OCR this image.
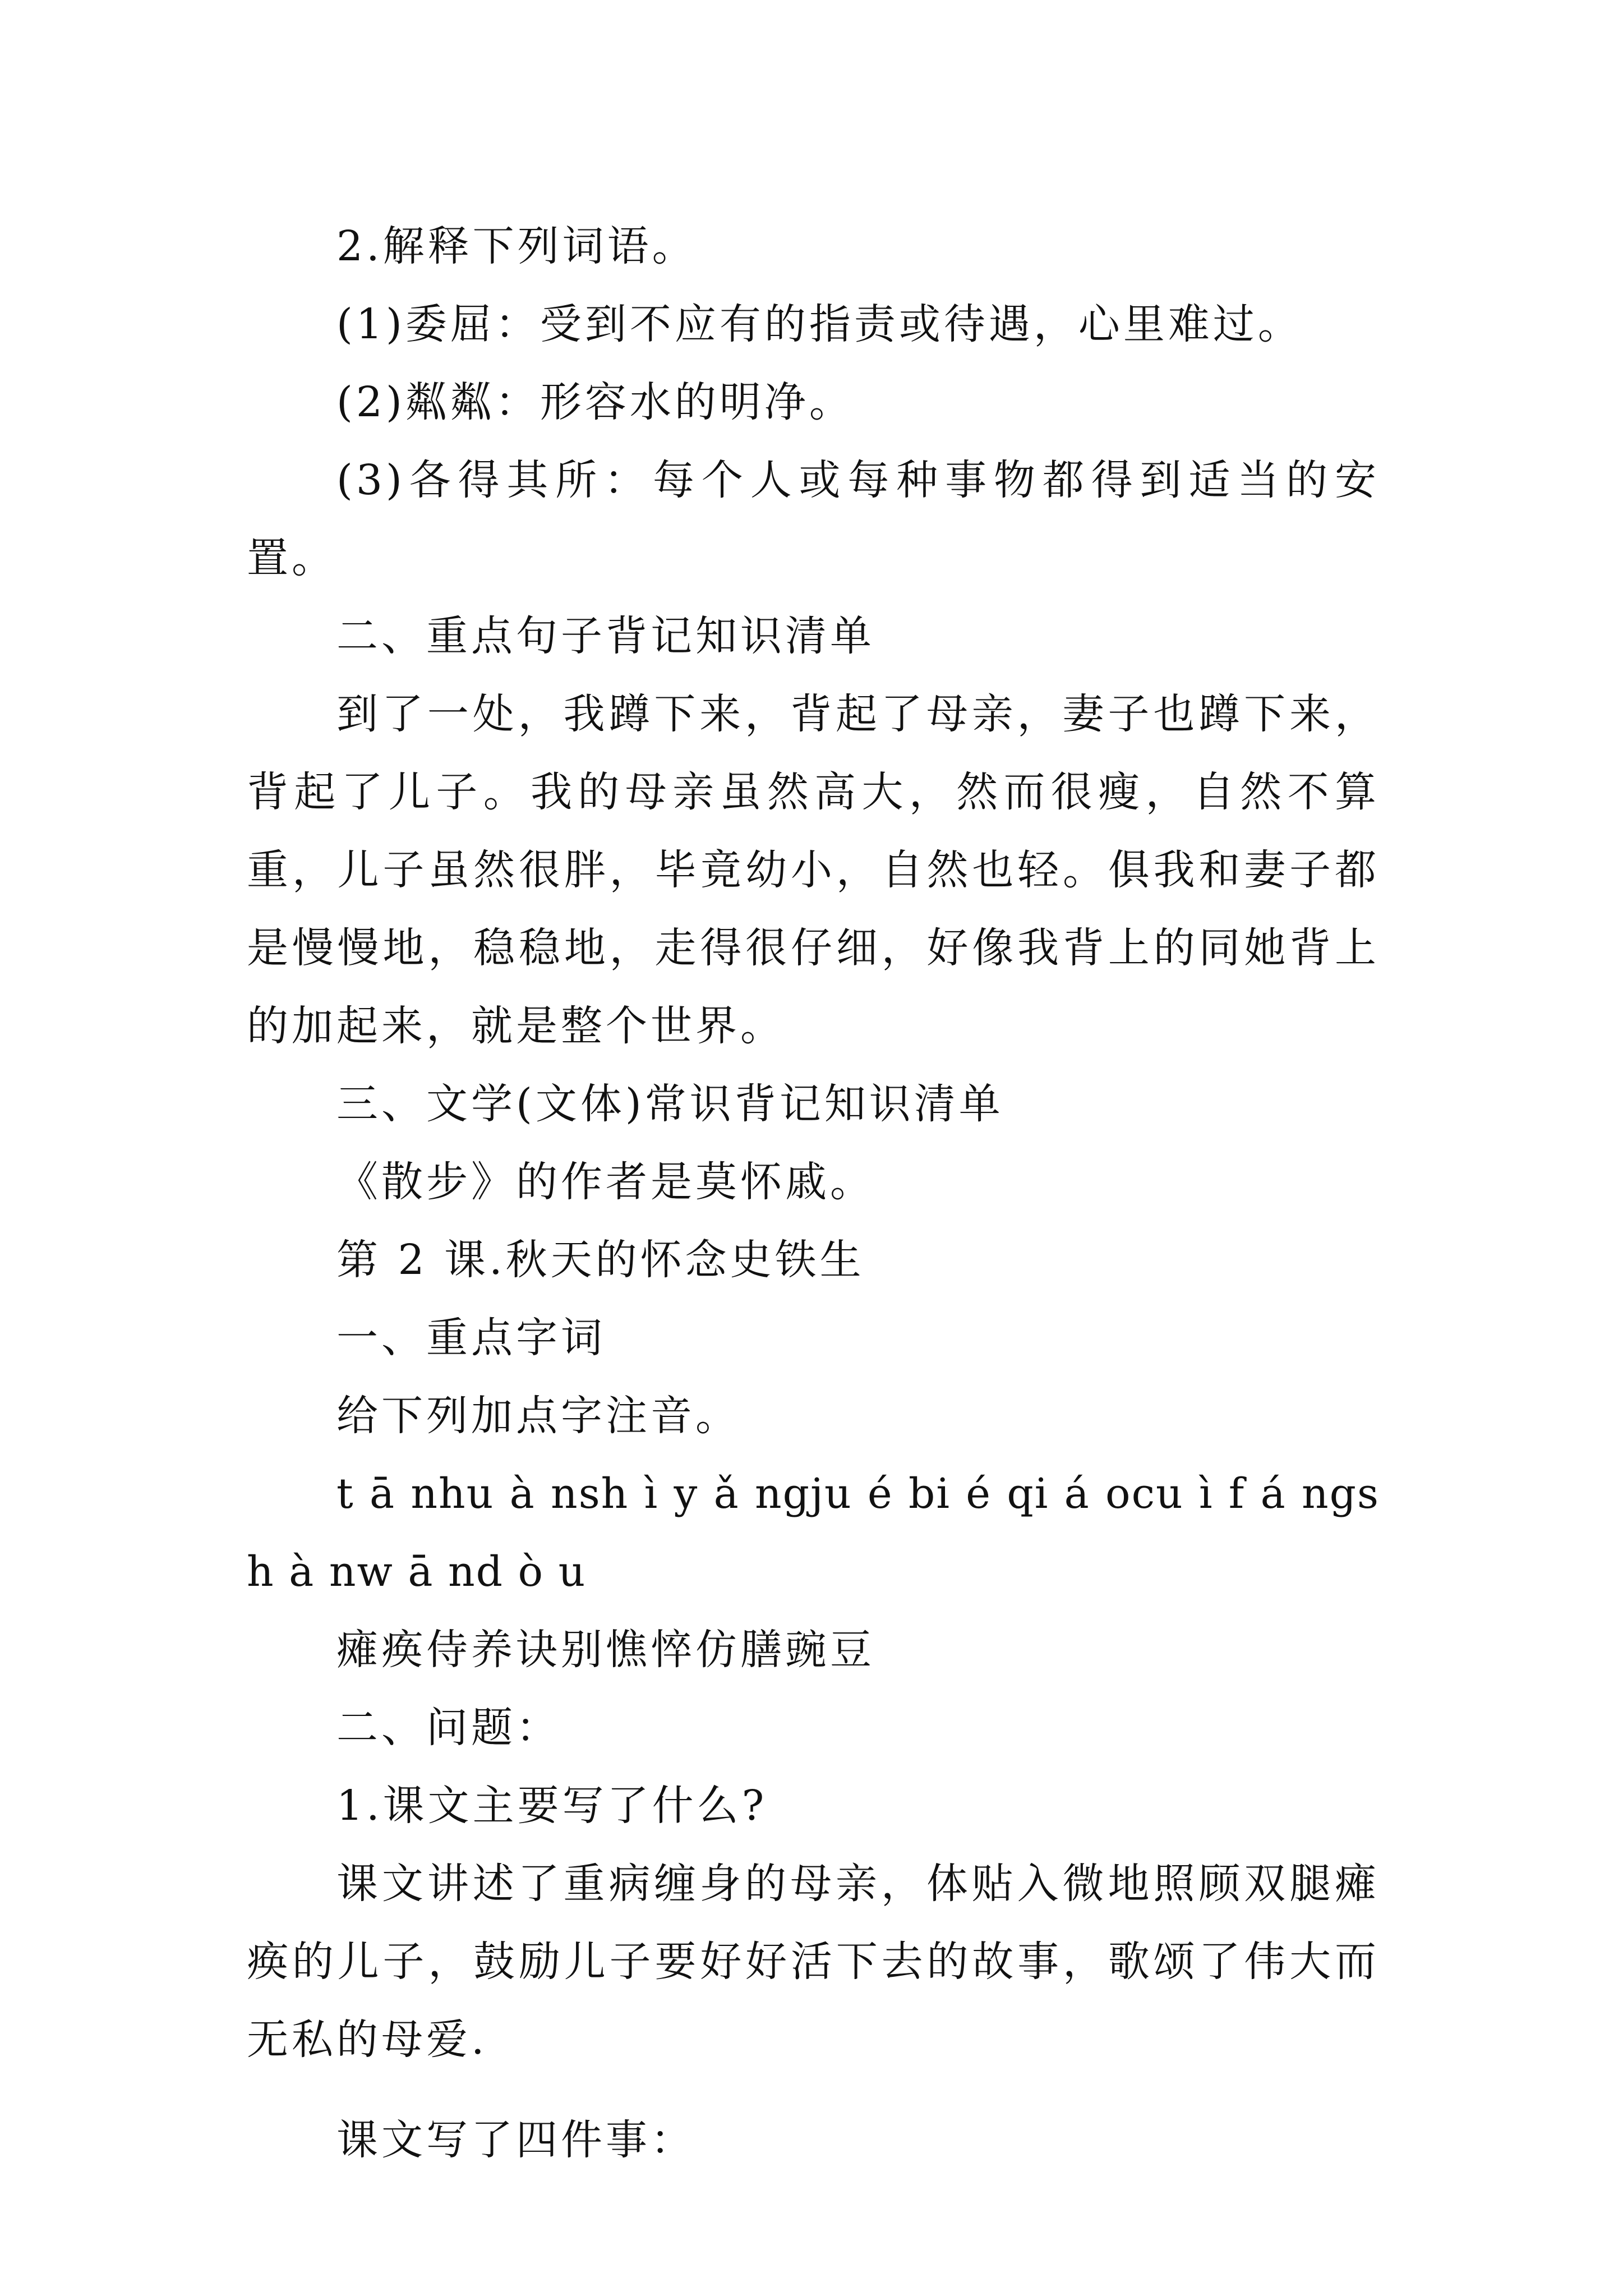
2.解释下列词语。

(1)委屈：受到不应有的指责或待遇，心里难过。

(2)粼粼：形容水的明净。

(3)各得其所：每个人或每种事物都得到适当的安置。

二、重点句子背记知识清单

到了一处，我蹲下来，背起了母亲，妻子也蹲下来，背起了儿子。我的母亲虽然高大，然而很瘦，自然不算重，儿子虽然很胖，毕竟幼小，自然也轻。俱我和妻子都是慢慢地，稳稳地，走得很仔细，好像我背上的同她背上的加起来，就是整个世界。

三、文学(文体)常识背记知识清单

《散步》的作者是莫怀戚。

第 2 课.秋天的怀念史铁生

一、重点字词

给下列加点字注音。

t ā nhu à nsh ì y ǎ ngju é bi é qi á ocu ì f á ngsh à nw ā nd ò u

瘫痪侍养诀别憔悴仿膳豌豆

二、问题：

1.课文主要写了什么?

课文讲述了重病缠身的母亲，体贴入微地照顾双腿瘫痪的儿子，鼓励儿子要好好活下去的故事，歌颂了伟大而无私的母爱.

课文写了四件事：
